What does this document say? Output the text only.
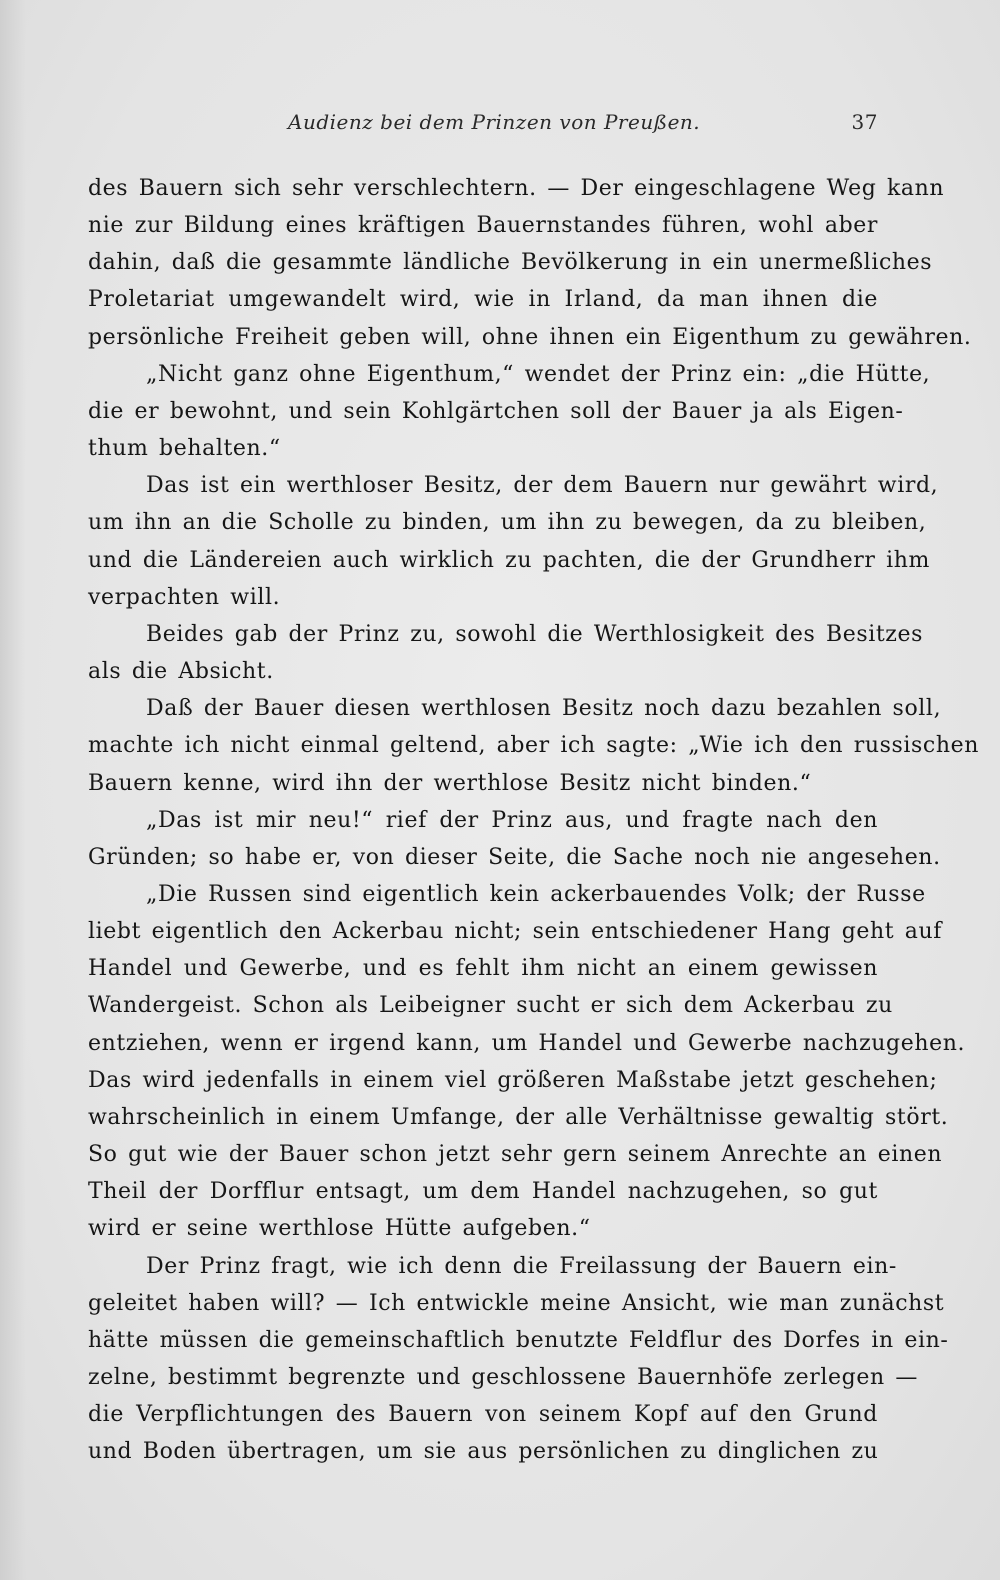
Audienz bei dem Prinzen von Preußen.	37
des Bauern sich sehr verschlechtern. — Der eingeschlagene Weg kann
nie zur Bildung eines kräftigen Bauernstandes führen, wohl aber
dahin, daß die gesammte ländliche Bevölkerung in ein unermeßliches
Proletariat umgewandelt wird, wie in Irland, da man ihnen die
persönliche Freiheit geben will, ohne ihnen ein Eigenthum zu gewähren.
„Nicht ganz ohne Eigenthum,“ wendet der Prinz ein: „die Hütte,
die er bewohnt, und sein Kohlgärtchen soll der Bauer ja als Eigen-
thum behalten.“
Das ist ein werthloser Besitz, der dem Bauern nur gewährt wird,
um ihn an die Scholle zu binden, um ihn zu bewegen, da zu bleiben,
und die Ländereien auch wirklich zu pachten, die der Grundherr ihm
verpachten will.
Beides gab der Prinz zu, sowohl die Werthlosigkeit des Besitzes
als die Absicht.
Daß der Bauer diesen werthlosen Besitz noch dazu bezahlen soll,
machte ich nicht einmal geltend, aber ich sagte: „Wie ich den russischen
Bauern kenne, wird ihn der werthlose Besitz nicht binden.“
„Das ist mir neu!“ rief der Prinz aus, und fragte nach den
Gründen; so habe er, von dieser Seite, die Sache noch nie angesehen.
„Die Russen sind eigentlich kein ackerbauendes Volk; der Russe
liebt eigentlich den Ackerbau nicht; sein entschiedener Hang geht auf
Handel und Gewerbe, und es fehlt ihm nicht an einem gewissen
Wandergeist. Schon als Leibeigner sucht er sich dem Ackerbau zu
entziehen, wenn er irgend kann, um Handel und Gewerbe nachzugehen.
Das wird jedenfalls in einem viel größeren Maßstabe jetzt geschehen;
wahrscheinlich in einem Umfange, der alle Verhältnisse gewaltig stört.
So gut wie der Bauer schon jetzt sehr gern seinem Anrechte an einen
Theil der Dorfflur entsagt, um dem Handel nachzugehen, so gut
wird er seine werthlose Hütte aufgeben.“
Der Prinz fragt, wie ich denn die Freilassung der Bauern ein-
geleitet haben will? — Ich entwickle meine Ansicht, wie man zunächst
hätte müssen die gemeinschaftlich benutzte Feldflur des Dorfes in ein-
zelne, bestimmt begrenzte und geschlossene Bauernhöfe zerlegen —
die Verpflichtungen des Bauern von seinem Kopf auf den Grund
und Boden übertragen, um sie aus persönlichen zu dinglichen zu
